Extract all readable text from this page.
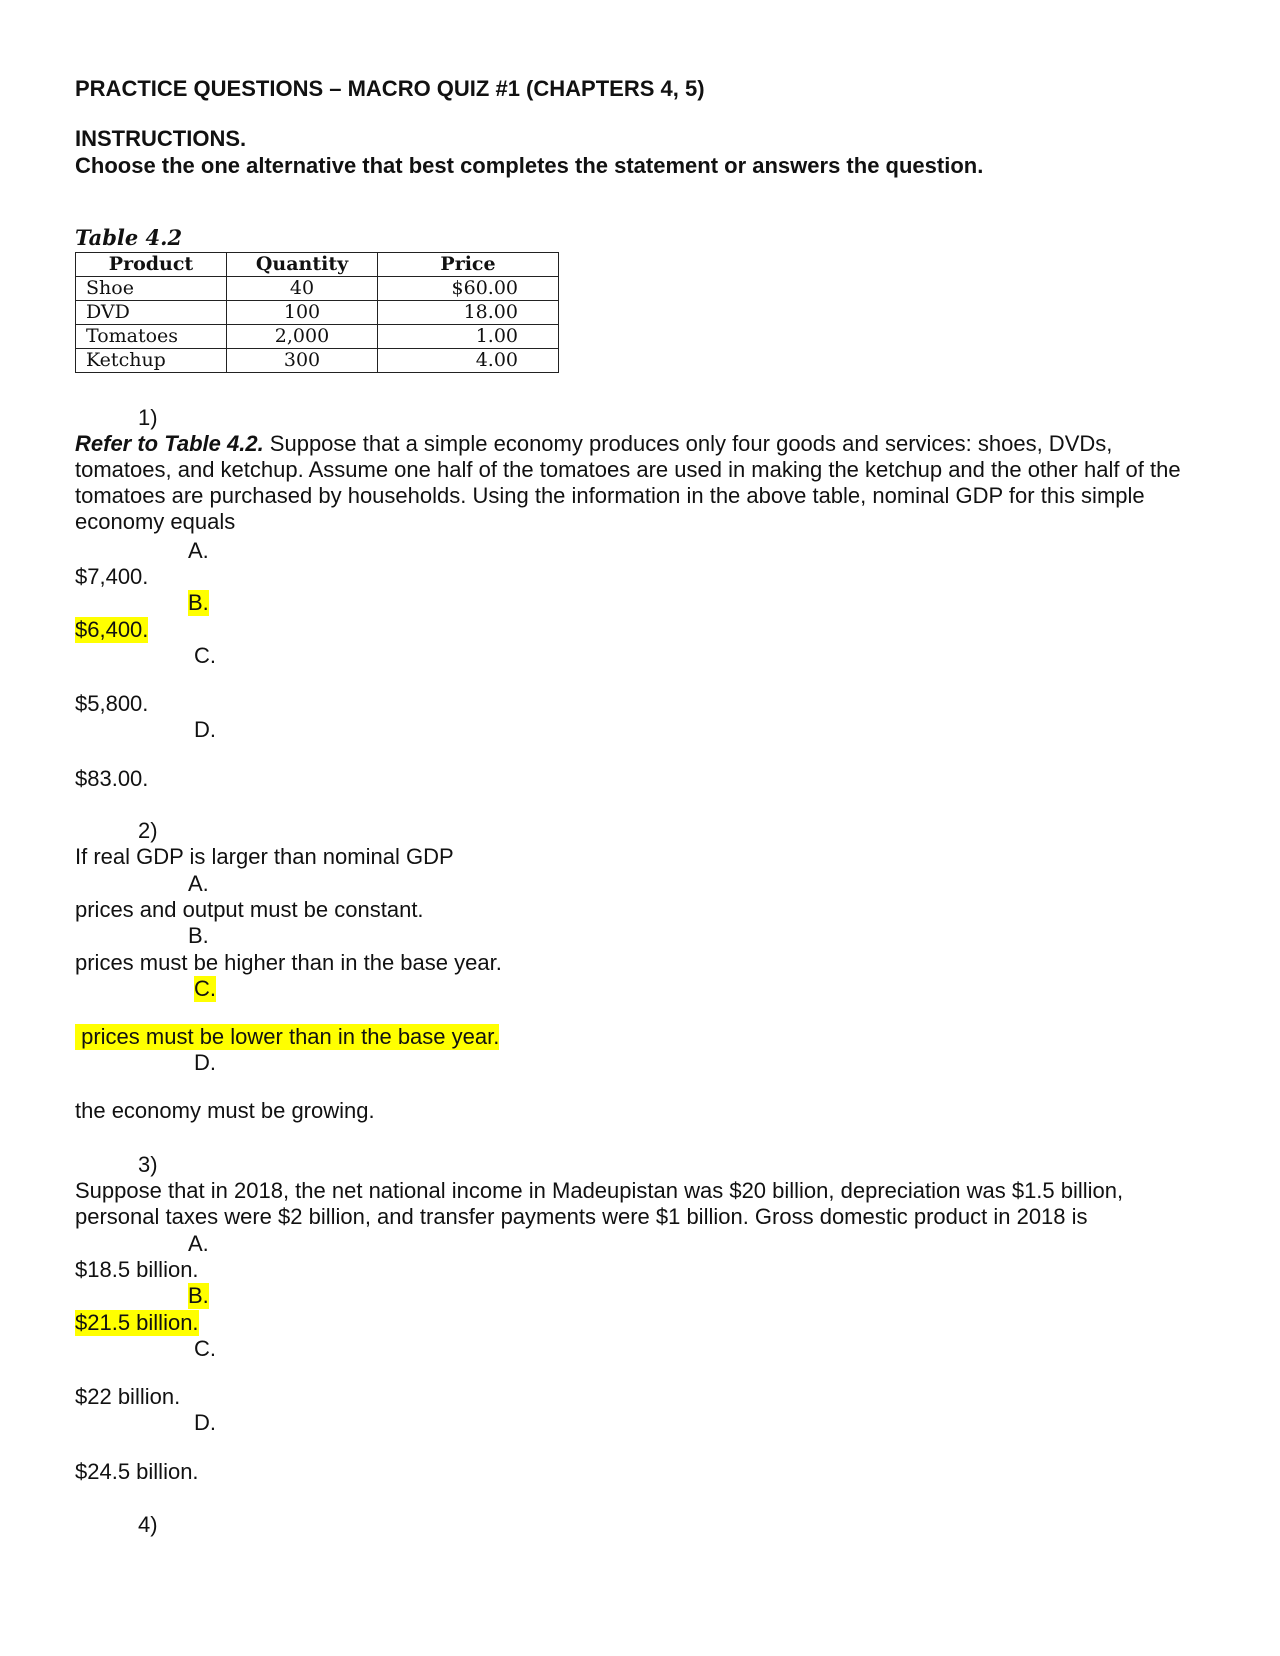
PRACTICE QUESTIONS – MACRO QUIZ #1 (CHAPTERS 4, 5)
INSTRUCTIONS.
Choose the one alternative that best completes the statement or answers the question.
Table 4.2
Product	Quantity	Price
Shoe	40	$60.00
DVD	100	18.00
Tomatoes	2,000	1.00
Ketchup	300	4.00
1)
Refer to Table 4.2. Suppose that a simple economy produces only four goods and services: shoes, DVDs, tomatoes, and ketchup. Assume one half of the tomatoes are used in making the ketchup and the other half of the tomatoes are purchased by households. Using the information in the above table, nominal GDP for this simple economy equals
A.
$7,400.
B.
$6,400.
C.
$5,800.
D.
$83.00.
2)
If real GDP is larger than nominal GDP
A.
prices and output must be constant.
B.
prices must be higher than in the base year.
C.
prices must be lower than in the base year.
D.
the economy must be growing.
3)
Suppose that in 2018, the net national income in Madeupistan was $20 billion, depreciation was $1.5 billion, personal taxes were $2 billion, and transfer payments were $1 billion. Gross domestic product in 2018 is
A.
$18.5 billion.
B.
$21.5 billion.
C.
$22 billion.
D.
$24.5 billion.
4)
